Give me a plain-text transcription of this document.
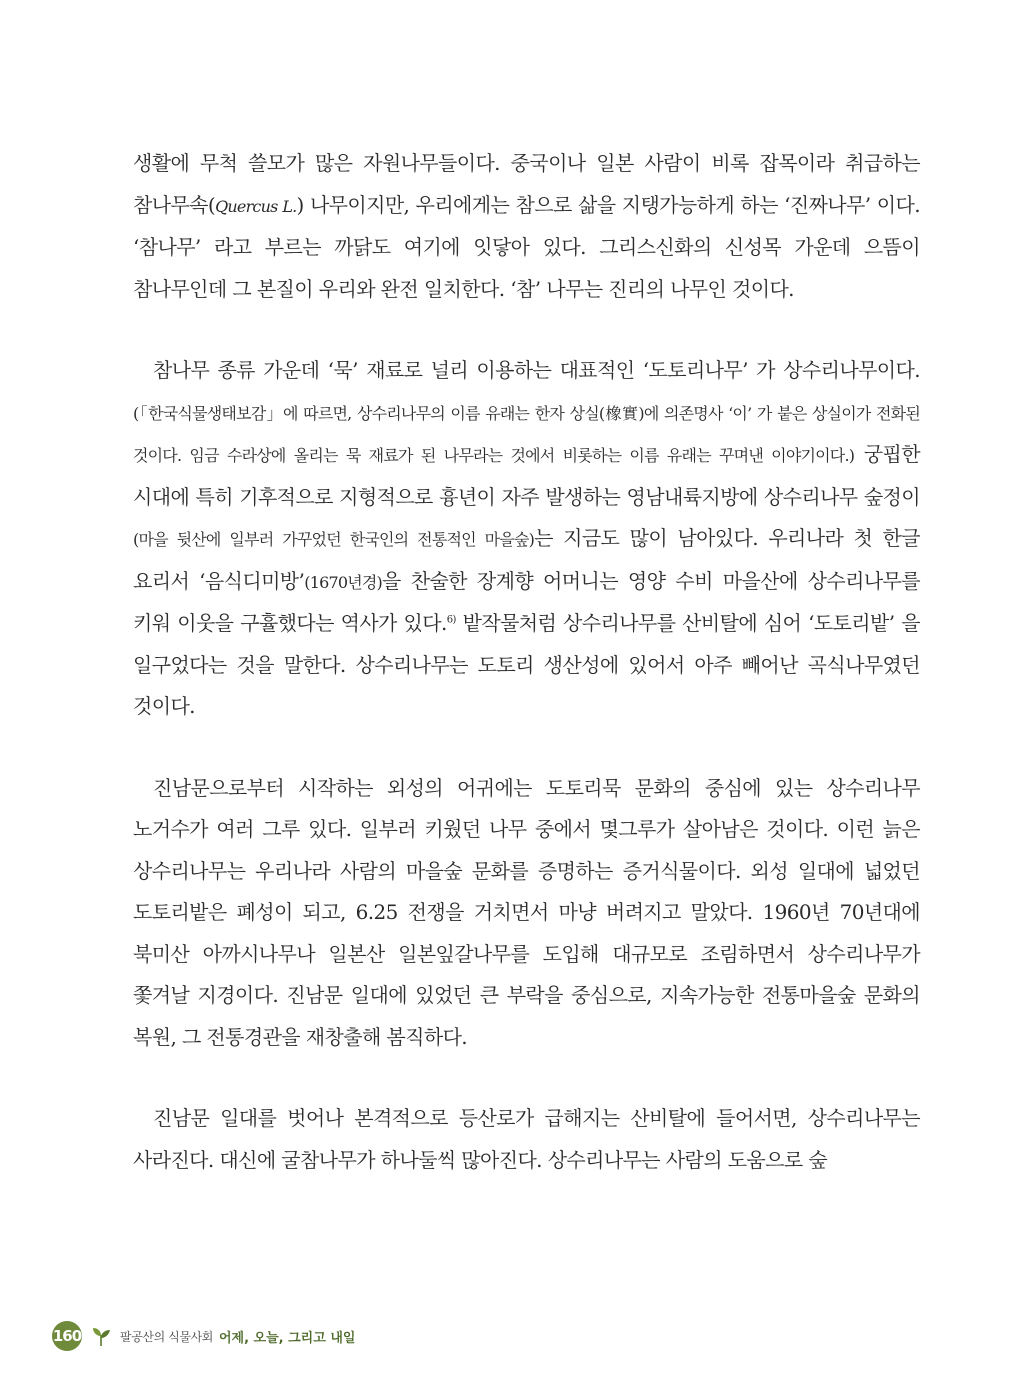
생활에 무척 쓸모가 많은 자원나무들이다. 중국이나 일본 사람이 비록 잡목이라 취급하는 참나무속(Quercus L.) 나무이지만, 우리에게는 참으로 삶을 지탱가능하게 하는 ‘진짜나무’ 이다. ‘참나무’ 라고 부르는 까닭도 여기에 잇닿아 있다. 그리스신화의 신성목 가운데 으뜸이 참나무인데 그 본질이 우리와 완전 일치한다. ‘참’ 나무는 진리의 나무인 것이다.

참나무 종류 가운데 ‘묵’ 재료로 널리 이용하는 대표적인 ‘도토리나무’ 가 상수리나무이다.(「한국식물생태보감」에 따르면, 상수리나무의 이름 유래는 한자 상실(橡實)에 의존명사 ‘이’ 가 붙은 상실이가 전화된 것이다. 임금 수라상에 올리는 묵 재료가 된 나무라는 것에서 비롯하는 이름 유래는 꾸며낸 이야기이다.) 궁핍한 시대에 특히 기후적으로 지형적으로 흉년이 자주 발생하는 영남내륙지방에 상수리나무 숲정이(마을 뒷산에 일부러 가꾸었던 한국인의 전통적인 마을숲)는 지금도 많이 남아있다. 우리나라 첫 한글 요리서 ‘음식디미방’(1670년경)을 찬술한 장계향 어머니는 영양 수비 마을산에 상수리나무를 키워 이웃을 구휼했다는 역사가 있다.$^{6)}$ 밭작물처럼 상수리나무를 산비탈에 심어 ‘도토리밭’ 을 일구었다는 것을 말한다. 상수리나무는 도토리 생산성에 있어서 아주 빼어난 곡식나무였던 것이다.

진남문으로부터 시작하는 외성의 어귀에는 도토리묵 문화의 중심에 있는 상수리나무 노거수가 여러 그루 있다. 일부러 키웠던 나무 중에서 몇그루가 살아남은 것이다. 이런 늙은 상수리나무는 우리나라 사람의 마을숲 문화를 증명하는 증거식물이다. 외성 일대에 넓었던 도토리밭은 폐성이 되고, 6.25 전쟁을 거치면서 마냥 버려지고 말았다. 1960년 70년대에 북미산 아까시나무나 일본산 일본잎갈나무를 도입해 대규모로 조림하면서 상수리나무가 쫓겨날 지경이다. 진남문 일대에 있었던 큰 부락을 중심으로, 지속가능한 전통마을숲 문화의 복원, 그 전통경관을 재창출해 봄직하다.

진남문 일대를 벗어나 본격적으로 등산로가 급해지는 산비탈에 들어서면, 상수리나무는 사라진다. 대신에 굴참나무가 하나둘씩 많아진다. 상수리나무는 사람의 도움으로 숲

160	팔공산의 식물사회 어제, 오늘, 그리고 내일
